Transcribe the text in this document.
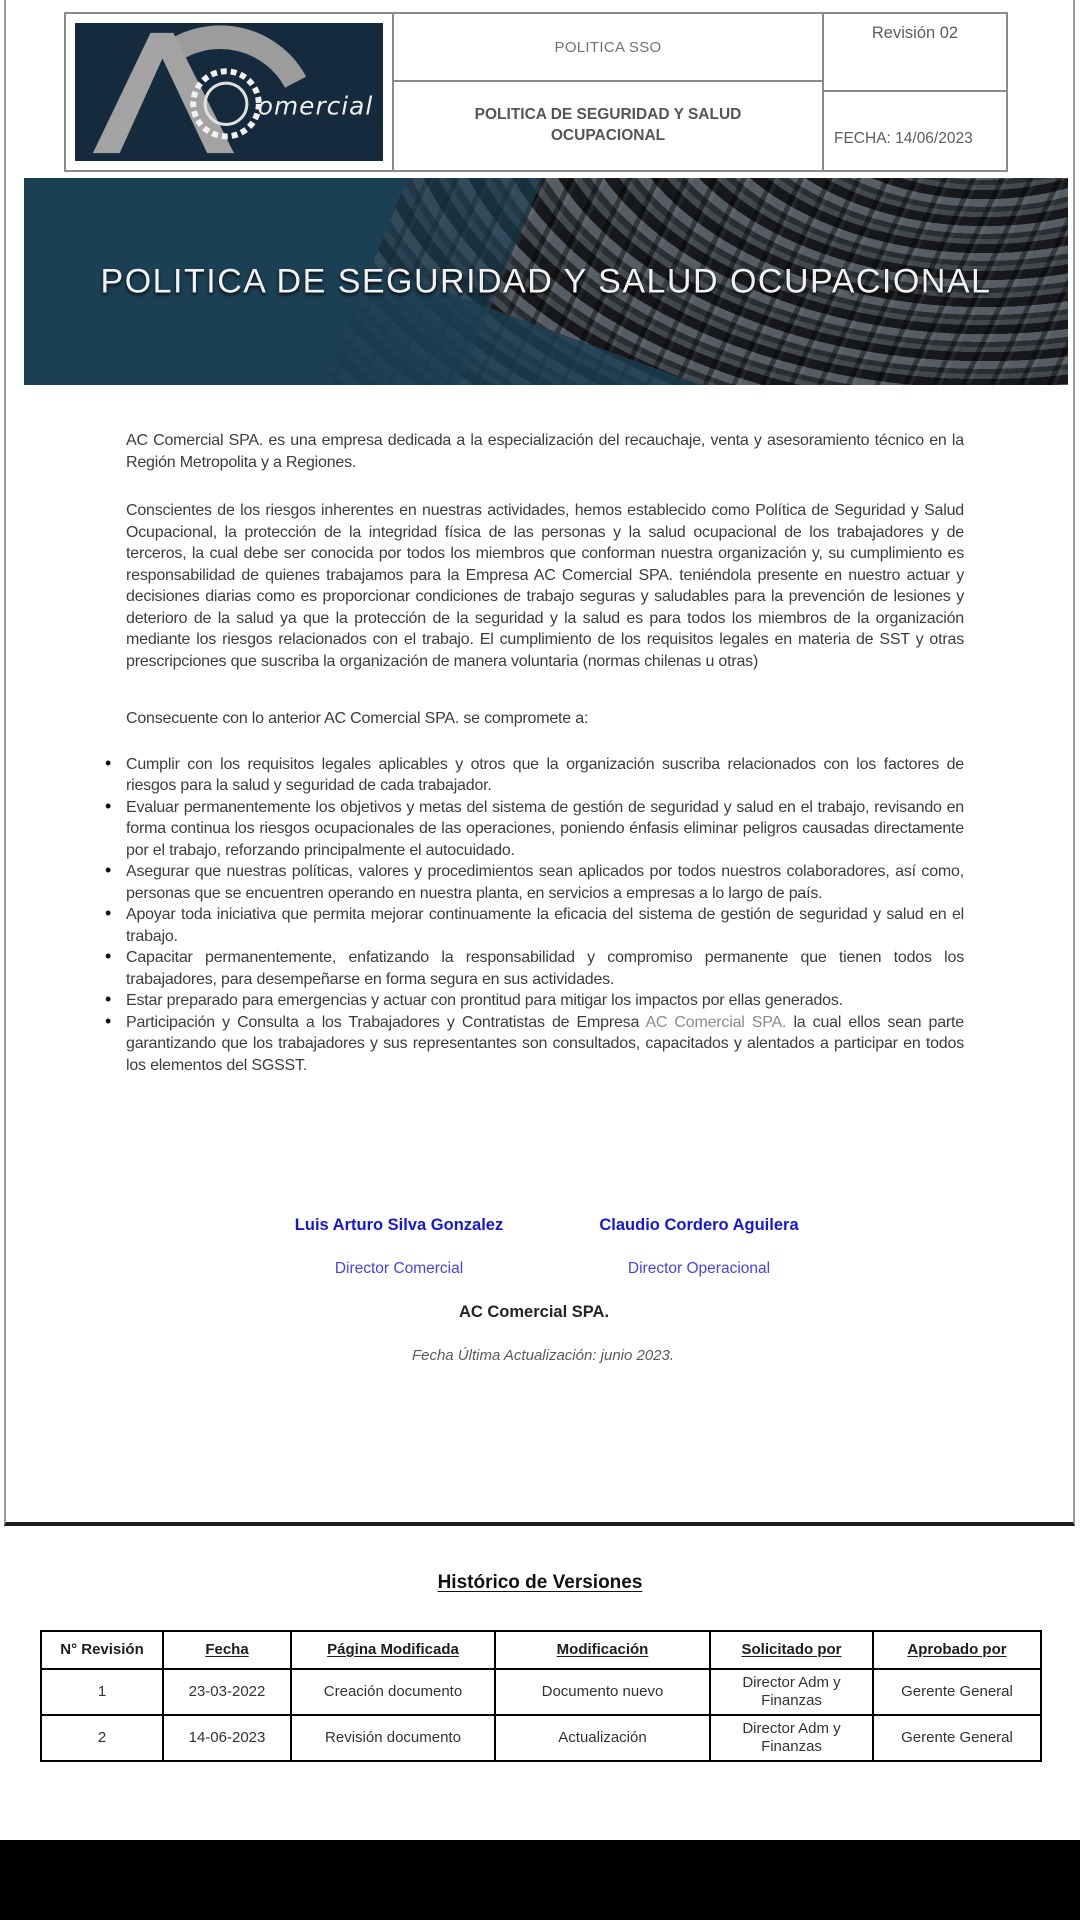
omercial
POLITICA SSO
POLITICA DE SEGURIDAD Y SALUD OCUPACIONAL
Revisión 02
FECHA: 14/06/2023
POLITICA DE SEGURIDAD Y SALUD OCUPACIONAL

AC Comercial SPA. es una empresa dedicada a la especialización del recauchaje, venta y asesoramiento técnico en la Región Metropolita y a Regiones.

Conscientes de los riesgos inherentes en nuestras actividades, hemos establecido como Política de Seguridad y Salud Ocupacional, la protección de la integridad física de las personas y la salud ocupacional de los trabajadores y de terceros, la cual debe ser conocida por todos los miembros que conforman nuestra organización y, su cumplimiento es responsabilidad de quienes trabajamos para la Empresa AC Comercial SPA. teniéndola presente en nuestro actuar y decisiones diarias como es proporcionar condiciones de trabajo seguras y saludables para la prevención de lesiones y deterioro de la salud ya que la protección de la seguridad y la salud es para todos los miembros de la organización mediante los riesgos relacionados con el trabajo. El cumplimiento de los requisitos legales en materia de SST y otras prescripciones que suscriba la organización de manera voluntaria (normas chilenas u otras)

Consecuente con lo anterior AC Comercial SPA. se compromete a:

• Cumplir con los requisitos legales aplicables y otros que la organización suscriba relacionados con los factores de riesgos para la salud y seguridad de cada trabajador.
• Evaluar permanentemente los objetivos y metas del sistema de gestión de seguridad y salud en el trabajo, revisando en forma continua los riesgos ocupacionales de las operaciones, poniendo énfasis eliminar peligros causadas directamente por el trabajo, reforzando principalmente el autocuidado.
• Asegurar que nuestras políticas, valores y procedimientos sean aplicados por todos nuestros colaboradores, así como, personas que se encuentren operando en nuestra planta, en servicios a empresas a lo largo de país.
• Apoyar toda iniciativa que permita mejorar continuamente la eficacia del sistema de gestión de seguridad y salud en el trabajo.
• Capacitar permanentemente, enfatizando la responsabilidad y compromiso permanente que tienen todos los trabajadores, para desempeñarse en forma segura en sus actividades.
• Estar preparado para emergencias y actuar con prontitud para mitigar los impactos por ellas generados.
• Participación y Consulta a los Trabajadores y Contratistas de Empresa AC Comercial SPA. la cual ellos sean parte garantizando que los trabajadores y sus representantes son consultados, capacitados y alentados a participar en todos los elementos del SGSST.
Luis Arturo Silva Gonzalez	Claudio Cordero Aguilera
Director Comercial	Director Operacional
AC Comercial SPA.
Fecha Última Actualización: junio 2023.
Histórico de Versiones
N° Revisión	Fecha	Página Modificada	Modificación	Solicitado por	Aprobado por
1	23-03-2022	Creación documento	Documento nuevo	Director Adm y Finanzas	Gerente General
2	14-06-2023	Revisión documento	Actualización	Director Adm y Finanzas	Gerente General
